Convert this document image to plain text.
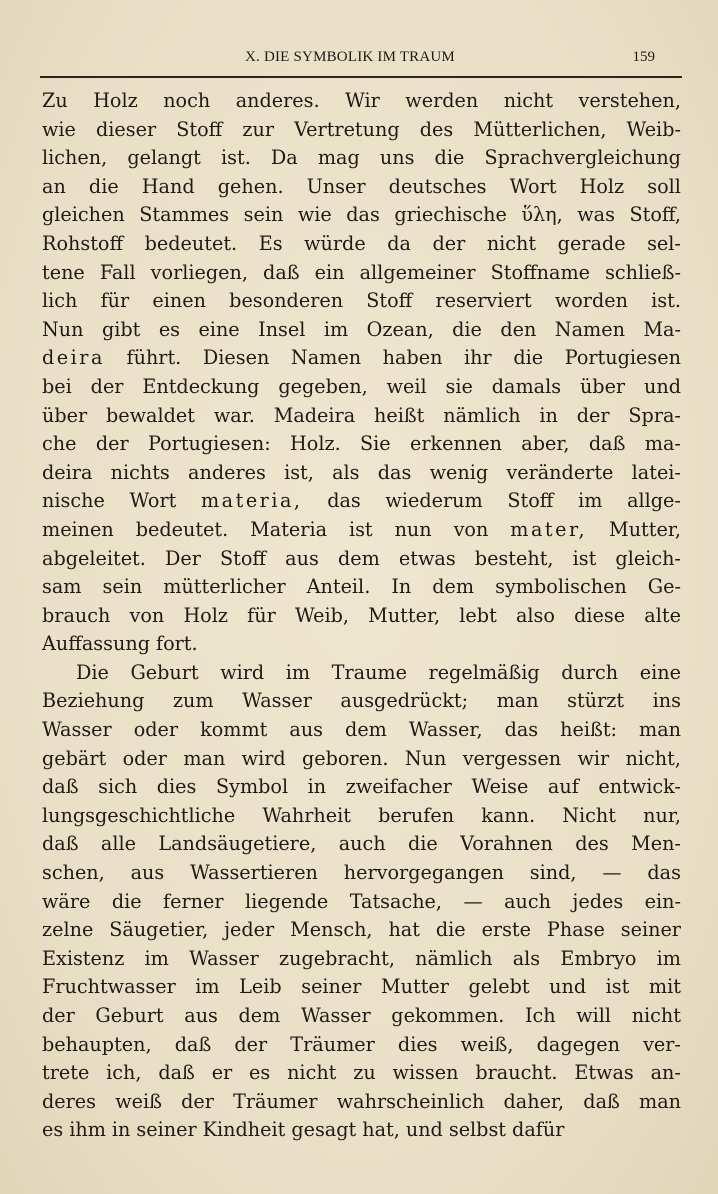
X. DIE SYMBOLIK IM TRAUM	159
Zu Holz noch anderes. Wir werden nicht verstehen,
wie dieser Stoff zur Vertretung des Mütterlichen, Weib-
lichen, gelangt ist. Da mag uns die Sprachvergleichung
an die Hand gehen. Unser deutsches Wort Holz soll
gleichen Stammes sein wie das griechische ὕλη, was Stoff,
Rohstoff bedeutet. Es würde da der nicht gerade sel-
tene Fall vorliegen, daß ein allgemeiner Stoffname schließ-
lich für einen besonderen Stoff reserviert worden ist.
Nun gibt es eine Insel im Ozean, die den Namen Ma-
deira führt. Diesen Namen haben ihr die Portugiesen
bei der Entdeckung gegeben, weil sie damals über und
über bewaldet war. Madeira heißt nämlich in der Spra-
che der Portugiesen: Holz. Sie erkennen aber, daß ma-
deira nichts anderes ist, als das wenig veränderte latei-
nische Wort materia, das wiederum Stoff im allge-
meinen bedeutet. Materia ist nun von mater, Mutter,
abgeleitet. Der Stoff aus dem etwas besteht, ist gleich-
sam sein mütterlicher Anteil. In dem symbolischen Ge-
brauch von Holz für Weib, Mutter, lebt also diese alte
Auffassung fort.
Die Geburt wird im Traume regelmäßig durch eine
Beziehung zum Wasser ausgedrückt; man stürzt ins
Wasser oder kommt aus dem Wasser, das heißt: man
gebärt oder man wird geboren. Nun vergessen wir nicht,
daß sich dies Symbol in zweifacher Weise auf entwick-
lungsgeschichtliche Wahrheit berufen kann. Nicht nur,
daß alle Landsäugetiere, auch die Vorahnen des Men-
schen, aus Wassertieren hervorgegangen sind, — das
wäre die ferner liegende Tatsache, — auch jedes ein-
zelne Säugetier, jeder Mensch, hat die erste Phase seiner
Existenz im Wasser zugebracht, nämlich als Embryo im
Fruchtwasser im Leib seiner Mutter gelebt und ist mit
der Geburt aus dem Wasser gekommen. Ich will nicht
behaupten, daß der Träumer dies weiß, dagegen ver-
trete ich, daß er es nicht zu wissen braucht. Etwas an-
deres weiß der Träumer wahrscheinlich daher, daß man
es ihm in seiner Kindheit gesagt hat, und selbst dafür
